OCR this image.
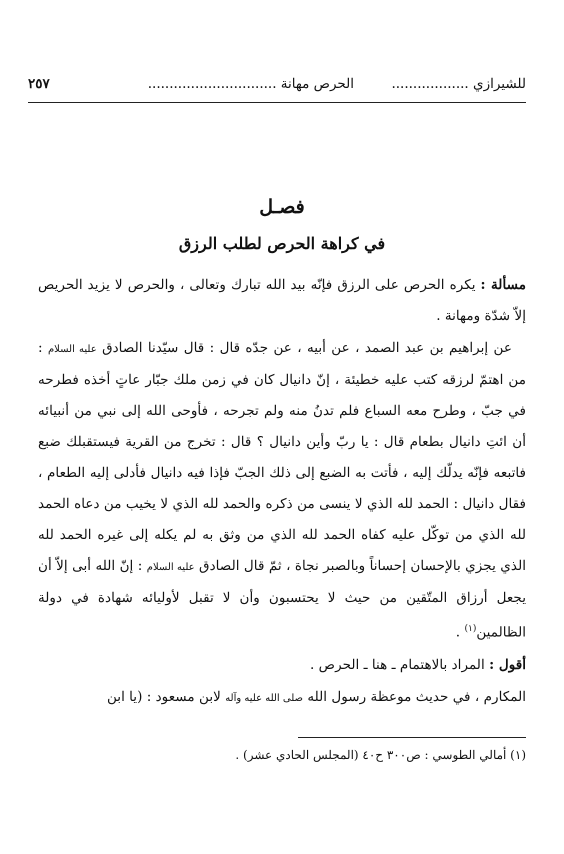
للشيرازي ..................
الحرص مهانة ..............................
٢٥٧
فصـل
في كراهة الحرص لطلب الرزق

مسألة : يكره الحرص على الرزق فإنّه بيد الله تبارك وتعالى ، والحرص لا يزيد الحريص إلاّ شدّة ومهانة .

عن إبراهيم بن عبد الصمد ، عن أبيه ، عن جدّه قال : قال سيّدنا الصادق عليه السلام : من اهتمّ لرزقه كتب عليه خطيئة ، إنّ دانيال كان في زمن ملك جبّار عاتٍ أخذه فطرحه في جبّ ، وطرح معه السباع فلم تدنُ منه ولم تجرحه ، فأوحى الله إلى نبي من أنبيائه أن ائتِ دانيال بطعام قال : يا ربّ وأين دانيال ؟ قال : تخرج من القرية فيستقبلك ضبع فاتبعه فإنّه يدلّك إليه ، فأتت به الضبع إلى ذلك الجبّ فإذا فيه دانيال فأدلى إليه الطعام ، فقال دانيال : الحمد لله الذي لا ينسى من ذكره والحمد لله الذي لا يخيب من دعاه الحمد لله الذي من توكّل عليه كفاه الحمد لله الذي من وثق به لم يكله إلى غيره الحمد لله الذي يجزي بالإحسان إحساناً وبالصبر نجاة ، ثمّ قال الصادق عليه السلام : إنّ الله أبى إلاّ أن يجعل أرزاق المتّقين من حيث لا يحتسبون وأن لا تقبل لأوليائه شهادة في دولة الظالمين$^{(١)}$ .

أقول : المراد بالاهتمام ـ هنا ـ الحرص .

المكارم ، في حديث موعظة رسول الله صلى الله عليه وآله لابن مسعود : (يا ابن

(١) أمالي الطوسي : ص٣٠٠ ح٤٠ (المجلس الحادي عشر) .
